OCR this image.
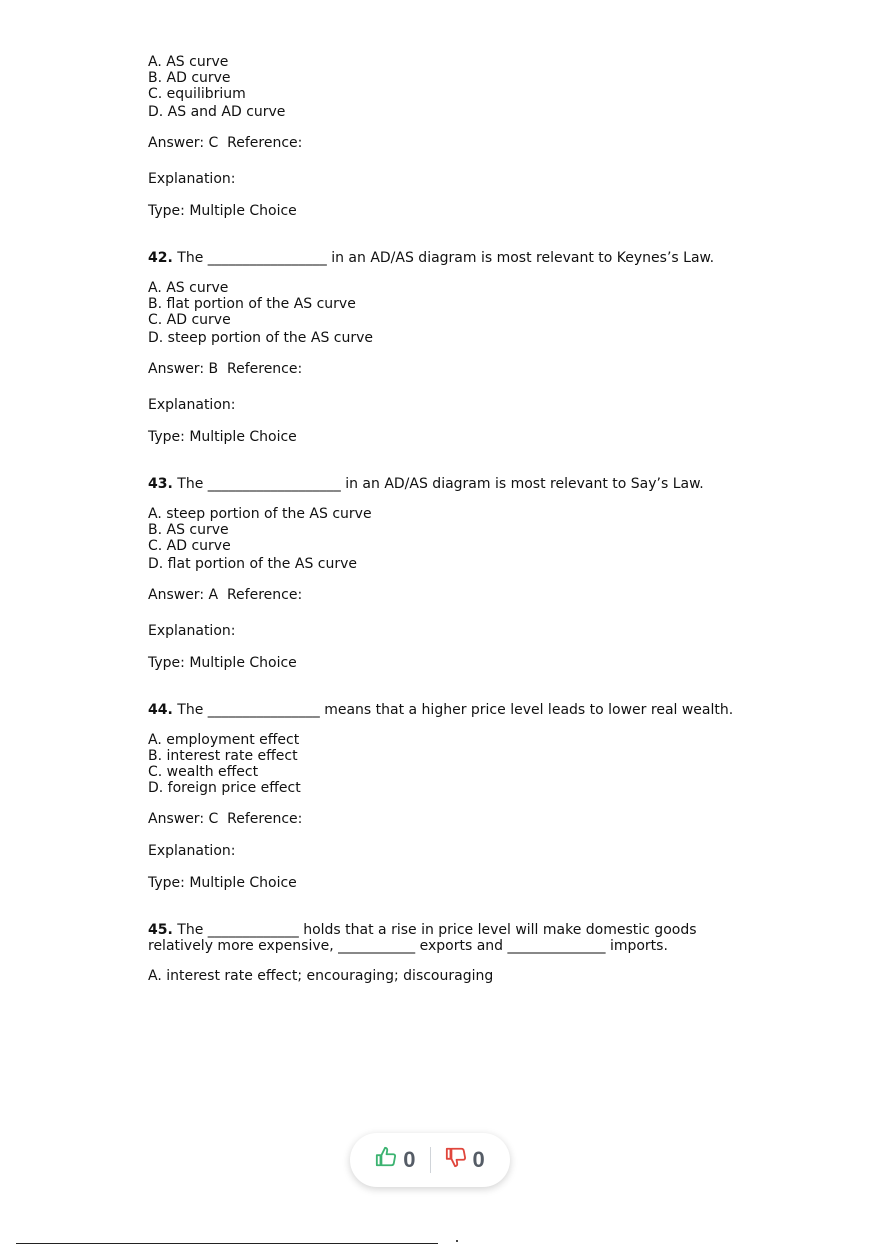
A. AS curve
B. AD curve
C. equilibrium
D. AS and AD curve
Answer: C  Reference:
Explanation:
Type: Multiple Choice
42. The _________________ in an AD/AS diagram is most relevant to Keynes’s Law.
A. AS curve
B. flat portion of the AS curve
C. AD curve
D. steep portion of the AS curve
Answer: B  Reference:
Explanation:
Type: Multiple Choice
43. The ___________________ in an AD/AS diagram is most relevant to Say’s Law.
A. steep portion of the AS curve
B. AS curve
C. AD curve
D. flat portion of the AS curve
Answer: A  Reference:
Explanation:
Type: Multiple Choice
44. The ________________ means that a higher price level leads to lower real wealth.
A. employment effect
B. interest rate effect
C. wealth effect
D. foreign price effect
Answer: C  Reference:
Explanation:
Type: Multiple Choice
45. The _____________ holds that a rise in price level will make domestic goods
relatively more expensive, ___________ exports and ______________ imports.
A. interest rate effect; encouraging; discouraging
0	0
